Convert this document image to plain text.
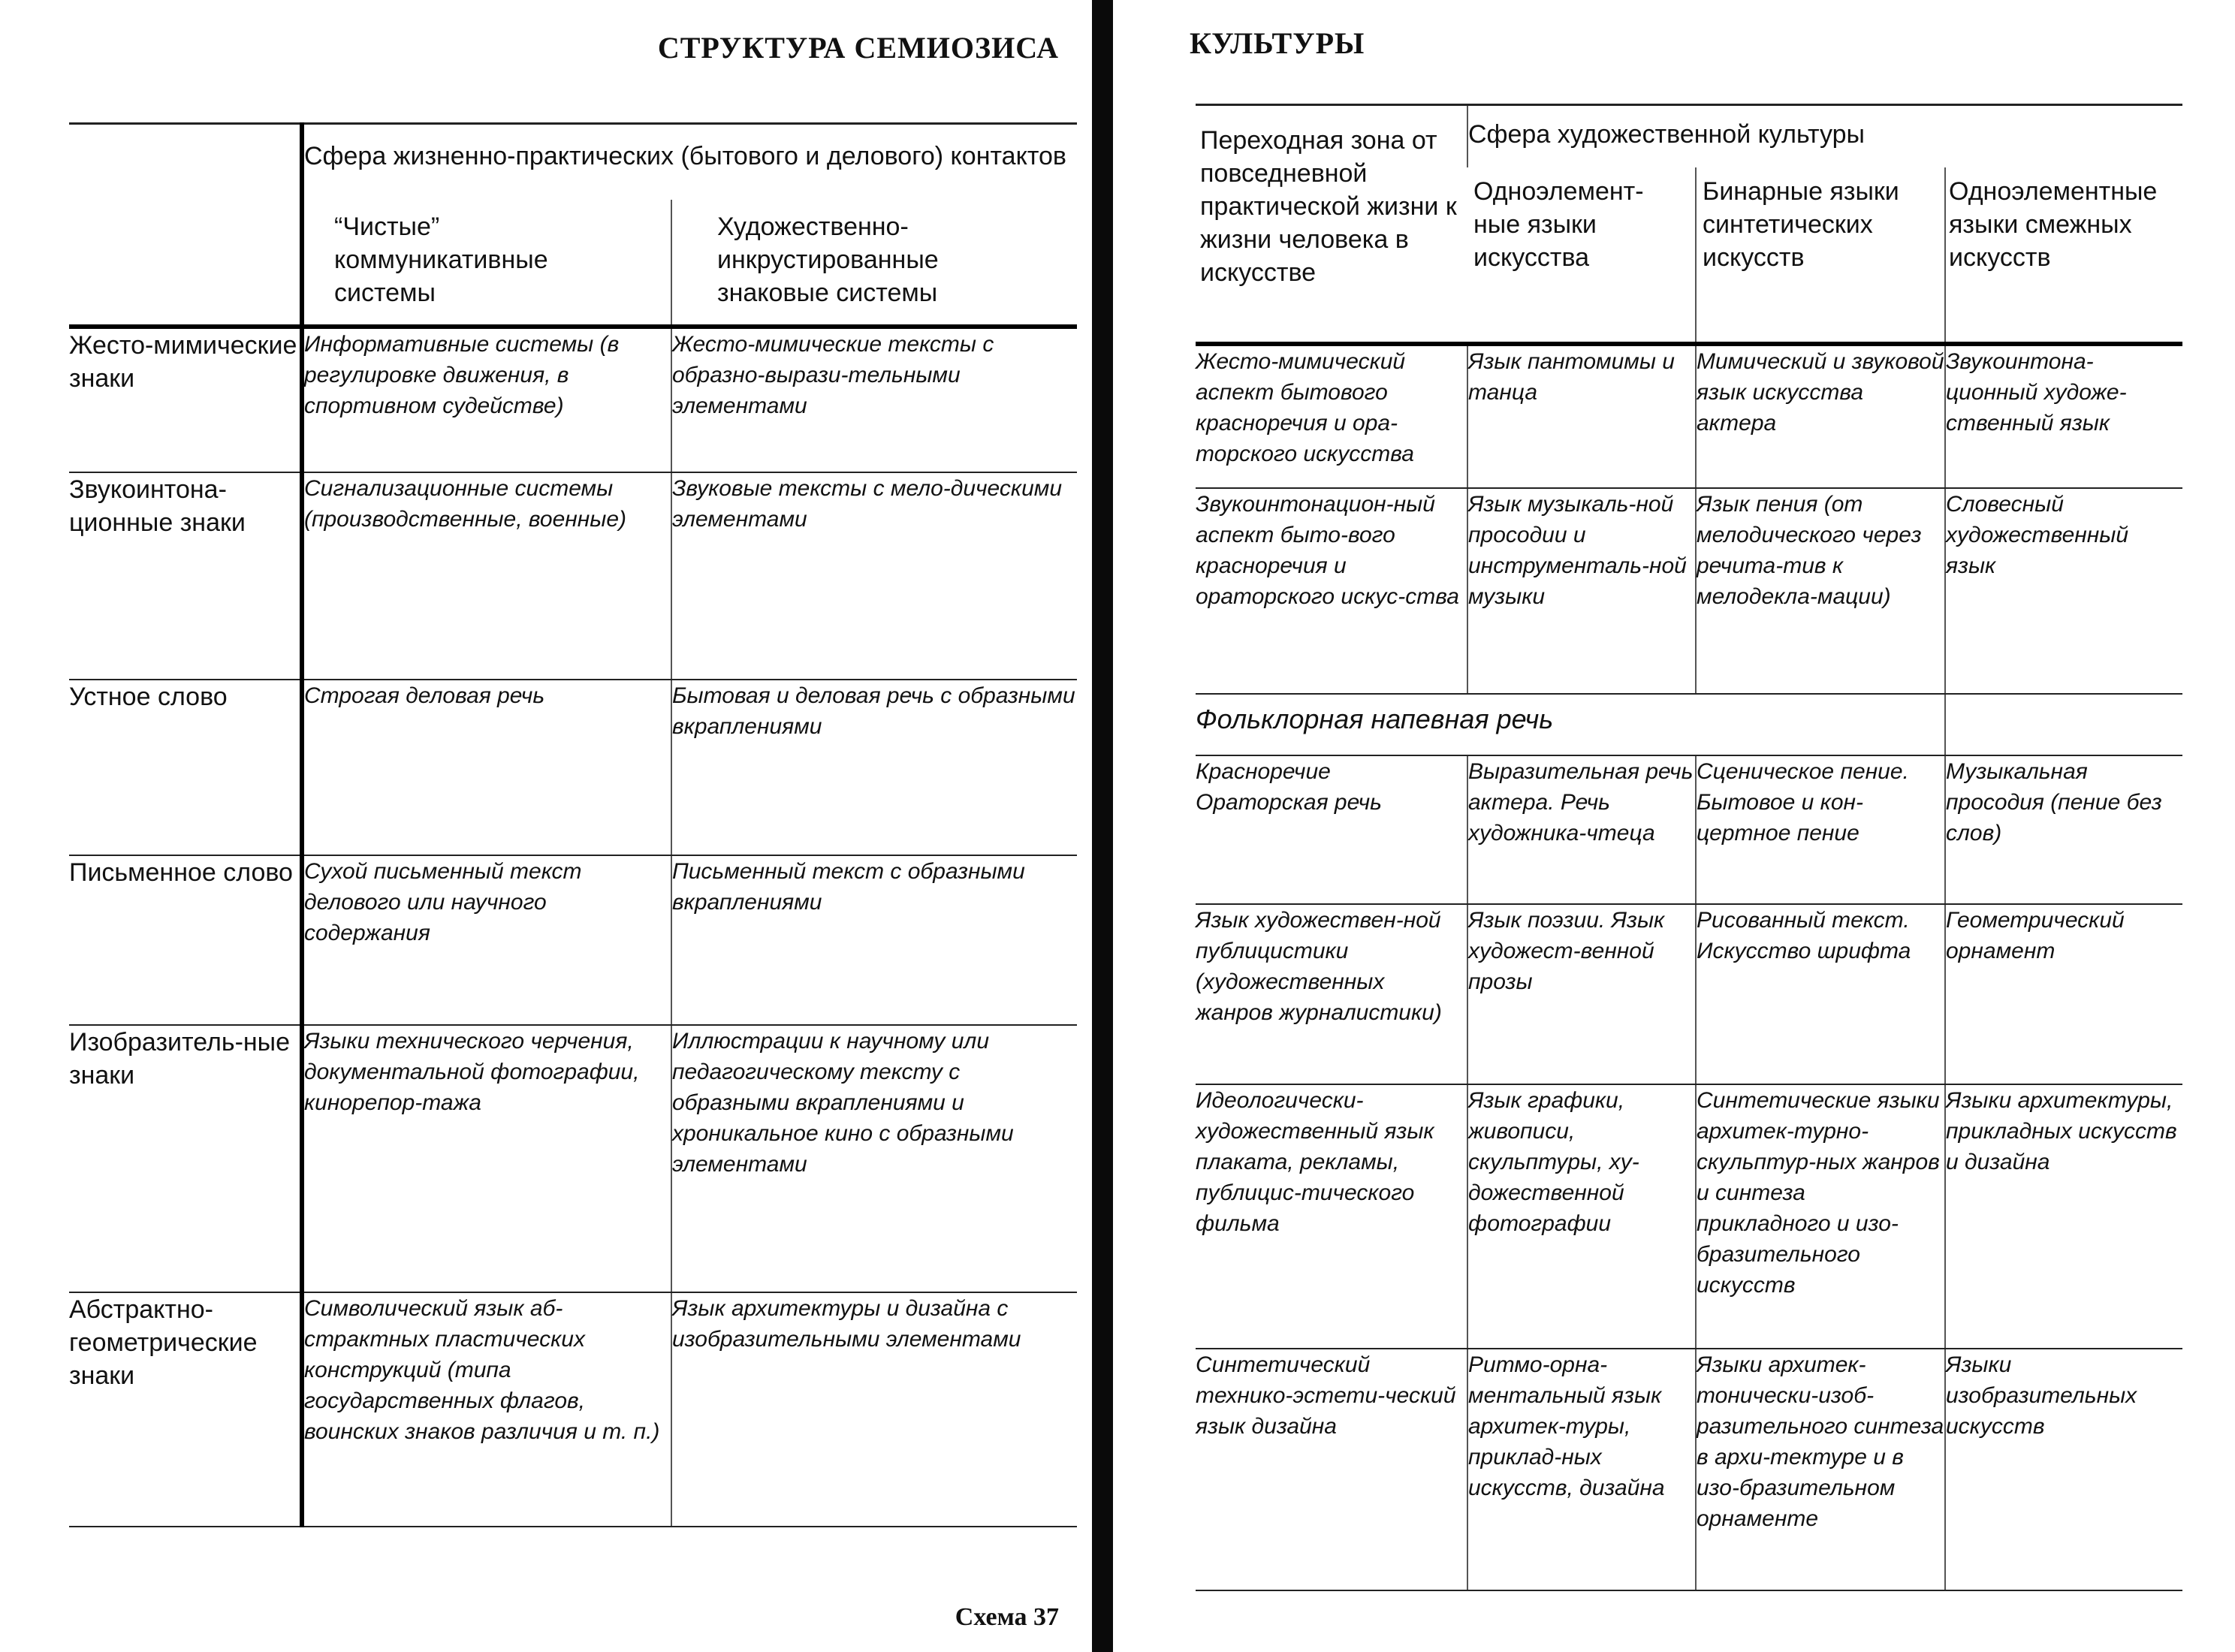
СТРУКТУРА СЕМИОЗИСА
	Сфера жизненно-практических (бытового и делового) контактов	
	“Чистые” коммуникативные системы	Художественно-инкрустированные знаковые системы
Жесто-мимические знаки	Информативные системы (в регулировке движения, в спортивном судействе)	Жесто-мимические тексты с образно-вырази-тельными элементами
Звукоинтона-ционные знаки	Сигнализационные системы (производственные, военные)	Звуковые тексты с мело-дическими элементами
Устное слово	Строгая деловая речь	Бытовая и деловая речь с образными вкраплениями
Письменное слово	Сухой письменный текст делового или научного содержания	Письменный текст с образными вкраплениями
Изобразитель-ные знаки	Языки технического черчения, документальной фотографии, кинорепор-тажа	Иллюстрации к научному или педагогическому тексту с образными вкраплениями и хроникальное кино с образными элементами
Абстрактно-геометрические знаки	Символический язык аб-страктных пластических конструкций (типа государственных флагов, воинских знаков различия и т. п.)	Язык архитектуры и дизайна с изобразительными элементами
Схема 37
КУЛЬТУРЫ
Переходная зона от повседневной практической жизни к жизни человека в искусстве	Сфера художественной культуры		
	Одноэлемент-ные языки искусства	Бинарные языки синтетических искусств	Одноэлементные языки смежных искусств
Жесто-мимический аспект бытового красноречия и ора-торского искусства	Язык пантомимы и танца	Мимический и звуковой язык искусства актера	Звукоинтона-ционный художе-ственный язык
Звукоинтонацион-ный аспект быто-вого красноречия и ораторского искус-ства	Язык музыкаль-ной просодии и инструменталь-ной музыки	Язык пения (от мелодического через речита-тив к мелодекла-мации)	Словесный художественный язык
Фольклорная напевная речь			
Красноречие Ораторская речь	Выразительная речь актера. Речь художника-чтеца	Сценическое пение. Бытовое и кон-цертное пение	Музыкальная просодия (пение без слов)
Язык художествен-ной публицистики (художественных жанров журналистики)	Язык поэзии. Язык художест-венной прозы	Рисованный текст. Искусство шрифта	Геометрический орнамент
Идеологически-художественный язык плаката, рекламы, публицис-тического фильма	Язык графики, живописи, скульптуры, ху-дожественной фотографии	Синтетические языки архитек-турно-скульптур-ных жанров и синтеза прикладного и изо-бразительного искусств	Языки архитектуры, прикладных искусств и дизайна
Синтетический технико-эстети-ческий язык дизайна	Ритмо-орна-ментальный язык архитек-туры, приклад-ных искусств, дизайна	Языки архитек-тонически-изоб-разительного синтеза в архи-тектуре и в изо-бразительном орнаменте	Языки изобразительных искусств
